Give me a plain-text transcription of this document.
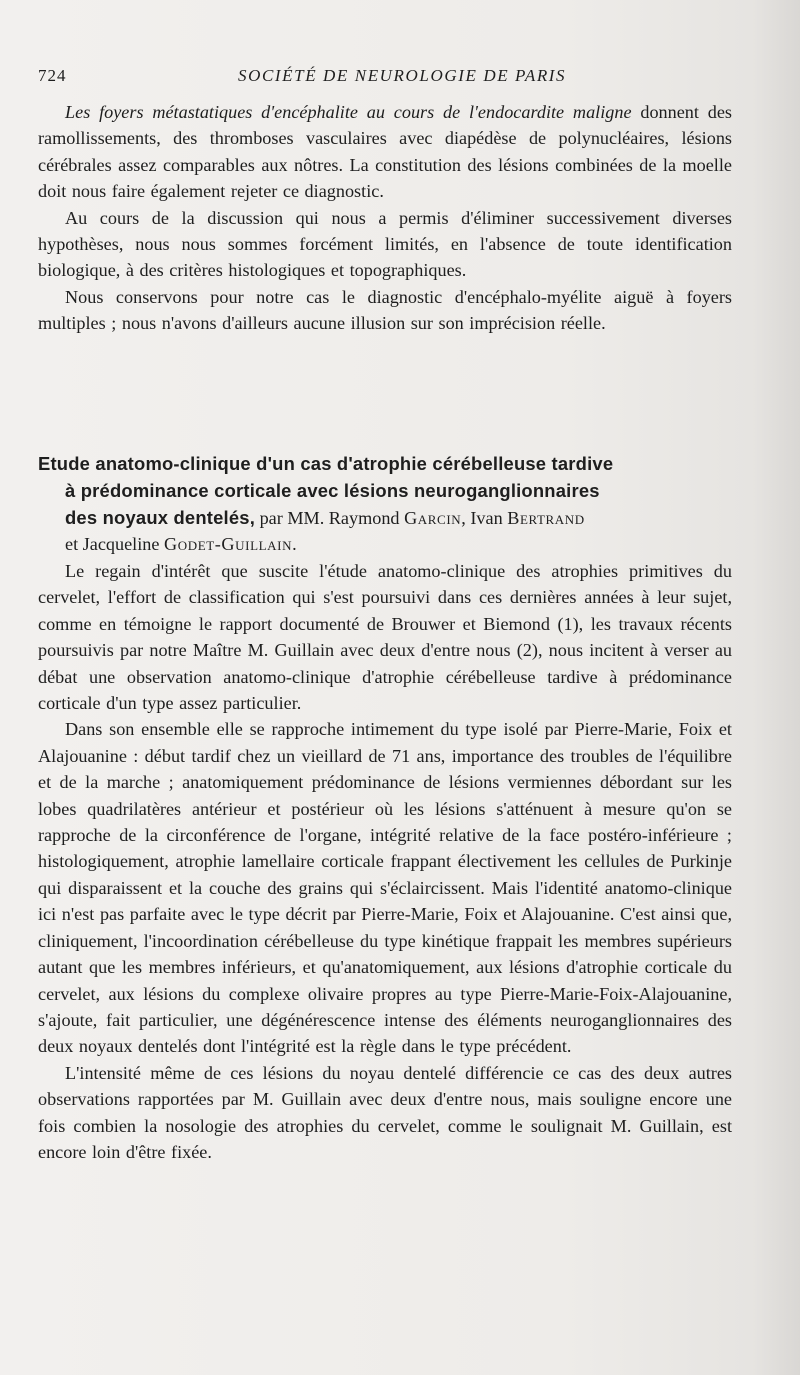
724	SOCIÉTÉ DE NEUROLOGIE DE PARIS

Les foyers métastatiques d'encéphalite au cours de l'endocardite maligne donnent des ramollissements, des thromboses vasculaires avec diapédèse de polynucléaires, lésions cérébrales assez comparables aux nôtres. La constitution des lésions combinées de la moelle doit nous faire également rejeter ce diagnostic.

Au cours de la discussion qui nous a permis d'éliminer successivement diverses hypothèses, nous nous sommes forcément limités, en l'absence de toute identification biologique, à des critères histologiques et topographiques.

Nous conservons pour notre cas le diagnostic d'encéphalo-myélite aiguë à foyers multiples ; nous n'avons d'ailleurs aucune illusion sur son imprécision réelle.

Etude anatomo-clinique d'un cas d'atrophie cérébelleuse tardive
à prédominance corticale avec lésions neuroganglionnaires
des noyaux dentelés, par MM. Raymond Garcin, Ivan Bertrand
et Jacqueline Godet-Guillain.

Le regain d'intérêt que suscite l'étude anatomo-clinique des atrophies primitives du cervelet, l'effort de classification qui s'est poursuivi dans ces dernières années à leur sujet, comme en témoigne le rapport documenté de Brouwer et Biemond (1), les travaux récents poursuivis par notre Maître M. Guillain avec deux d'entre nous (2), nous incitent à verser au débat une observation anatomo-clinique d'atrophie cérébelleuse tardive à prédominance corticale d'un type assez particulier.

Dans son ensemble elle se rapproche intimement du type isolé par Pierre-Marie, Foix et Alajouanine : début tardif chez un vieillard de 71 ans, importance des troubles de l'équilibre et de la marche ; anatomiquement prédominance de lésions vermiennes débordant sur les lobes quadrilatères antérieur et postérieur où les lésions s'atténuent à mesure qu'on se rapproche de la circonférence de l'organe, intégrité relative de la face postéro-inférieure ; histologiquement, atrophie lamellaire corticale frappant électivement les cellules de Purkinje qui disparaissent et la couche des grains qui s'éclaircissent. Mais l'identité anatomo-clinique ici n'est pas parfaite avec le type décrit par Pierre-Marie, Foix et Alajouanine. C'est ainsi que, cliniquement, l'incoordination cérébelleuse du type kinétique frappait les membres supérieurs autant que les membres inférieurs, et qu'anatomiquement, aux lésions d'atrophie corticale du cervelet, aux lésions du complexe olivaire propres au type Pierre-Marie-Foix-Alajouanine, s'ajoute, fait particulier, une dégénérescence intense des éléments neuroganglionnaires des deux noyaux dentelés dont l'intégrité est la règle dans le type précédent.

L'intensité même de ces lésions du noyau dentelé différencie ce cas des deux autres observations rapportées par M. Guillain avec deux d'entre nous, mais souligne encore une fois combien la nosologie des atrophies du cervelet, comme le soulignait M. Guillain, est encore loin d'être fixée.
